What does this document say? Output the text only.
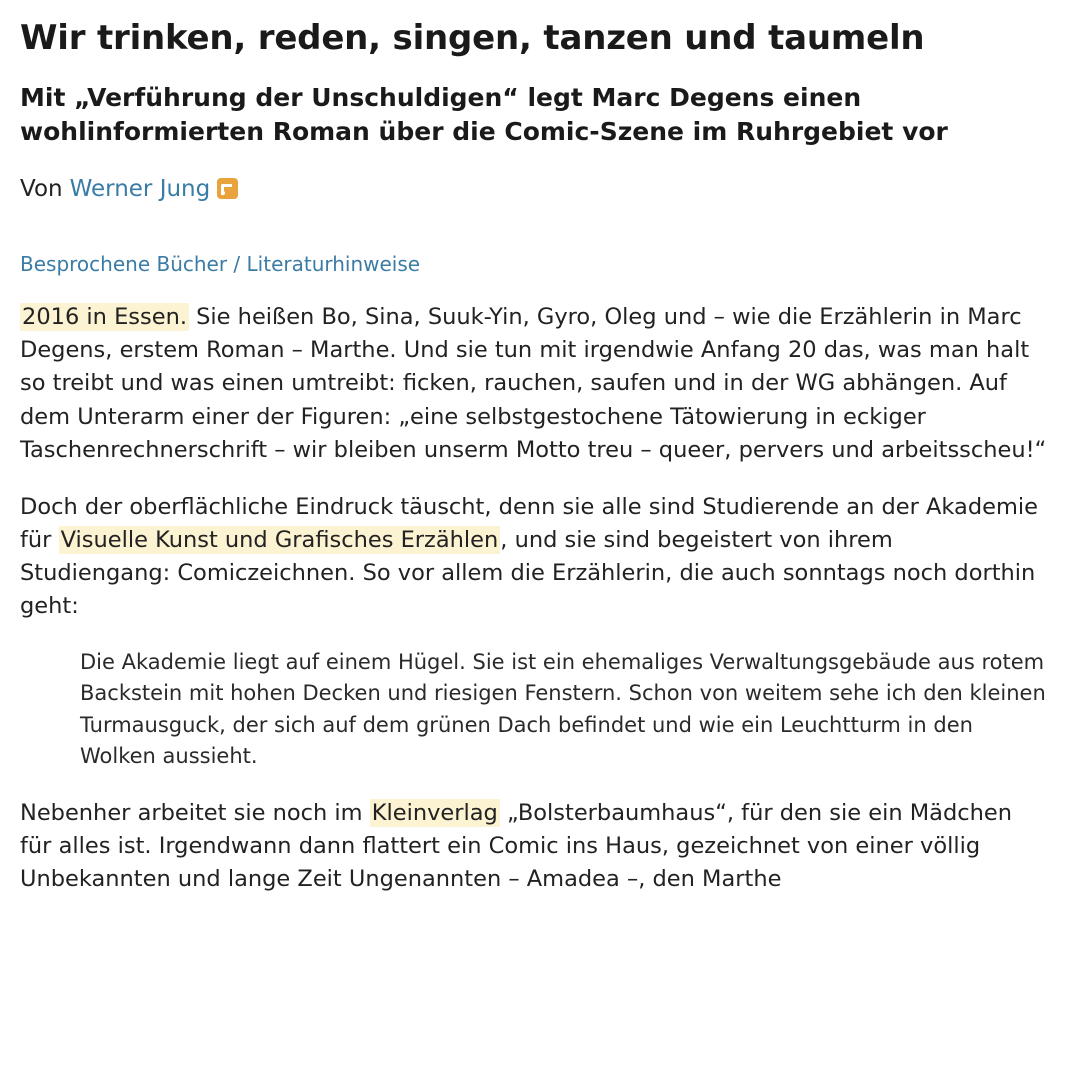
Wir trinken, reden, singen, tanzen und taumeln
Mit „Verführung der Unschuldigen“ legt Marc Degens einen wohlinformierten Roman über die Comic-Szene im Ruhrgebiet vor
Von Werner Jung
Besprochene Bücher / Literaturhinweise

2016 in Essen. Sie heißen Bo, Sina, Suuk-Yin, Gyro, Oleg und – wie die Erzählerin in Marc Degens, erstem Roman – Marthe. Und sie tun mit irgendwie Anfang 20 das, was man halt so treibt und was einen umtreibt: ficken, rauchen, saufen und in der WG abhängen. Auf dem Unterarm einer der Figuren: „eine selbstgestochene Tätowierung in eckiger Taschenrechnerschrift – wir bleiben unserm Motto treu – queer, pervers und arbeitsscheu!“

Doch der oberflächliche Eindruck täuscht, denn sie alle sind Studierende an der Akademie für Visuelle Kunst und Grafisches Erzählen, und sie sind begeistert von ihrem Studiengang: Comiczeichnen. So vor allem die Erzählerin, die auch sonntags noch dorthin geht:

Die Akademie liegt auf einem Hügel. Sie ist ein ehemaliges Verwaltungsgebäude aus rotem Backstein mit hohen Decken und riesigen Fenstern. Schon von weitem sehe ich den kleinen Turmausguck, der sich auf dem grünen Dach befindet und wie ein Leuchtturm in den Wolken aussieht.

Nebenher arbeitet sie noch im Kleinverlag „Bolsterbaumhaus“, für den sie ein Mädchen für alles ist. Irgendwann dann flattert ein Comic ins Haus, gezeichnet von einer völlig Unbekannten und lange Zeit Ungenannten – Amadea –, den Marthe
